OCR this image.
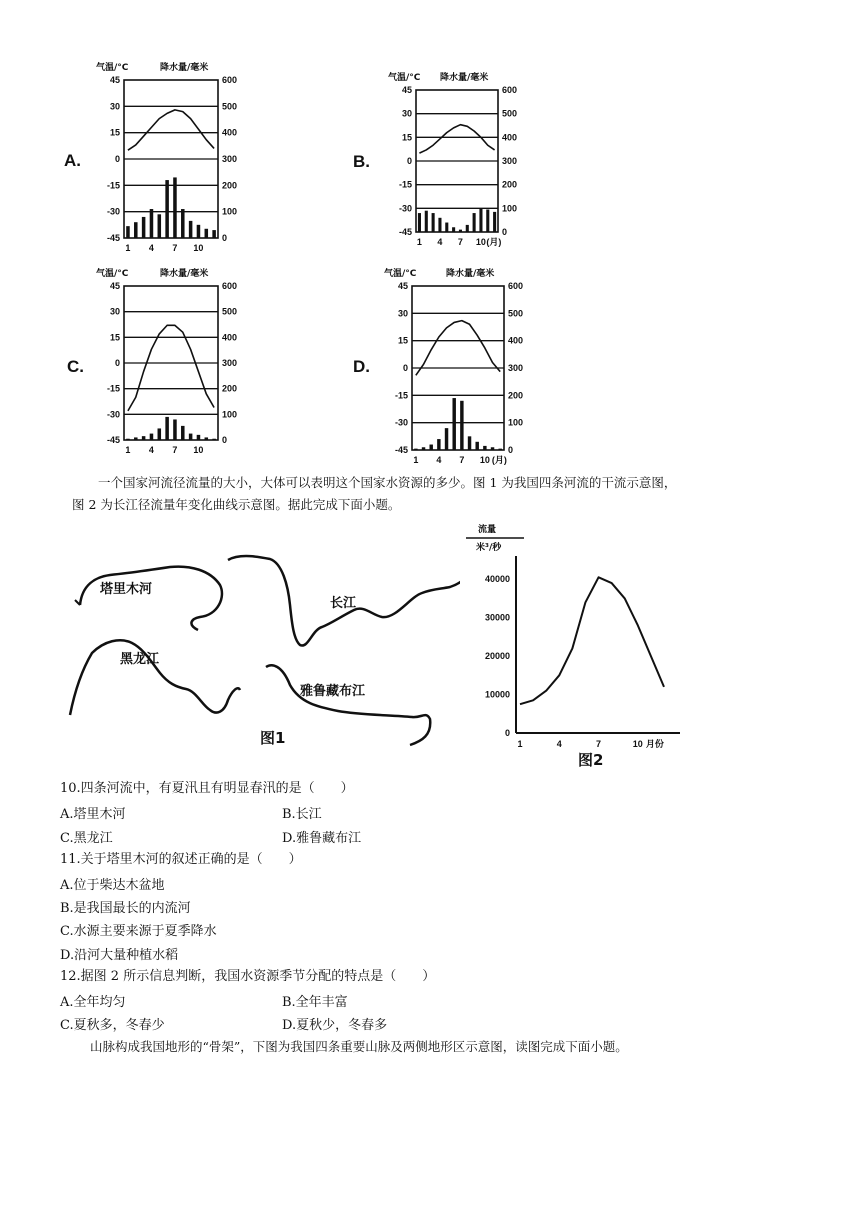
A.	B.
C.	D.
气温/°C	降水量/毫米
45	600
30	500
15	400
0	300
-15	200
-30	100
-45	0
1 4 7 10
气温/°C 降水量/毫米
45	600
30	500
15	400
0	300
-15	200
-30	100
-45	0
1 4 7 10 (月)
气温/°C	降水量/毫米
45	600
30	500
15	400
0	300
-15	200
-30	100
-45	0
1 4 7 10
气温/°C	降水量/毫米
45	600
30	500
15	400
0	300
-15	200
-30	100
-45	0
1 4 7 10 (月)
一个国家河流径流量的大小，大体可以表明这个国家水资源的多少。图 1 为我国四条河流的干流示意图，
图 2 为长江径流量年变化曲线示意图。据此完成下面小题。
塔里木河
长江
黑龙江
雅鲁藏布江
图1
流量
米³/秒
40000
30000
20000
10000
0
1	4	7	10 月份
图2
10.四条河流中，有夏汛且有明显春汛的是（　　）
A.塔里木河	B.长江
C.黑龙江	D.雅鲁藏布江
11.关于塔里木河的叙述正确的是（　　）
A.位于柴达木盆地
B.是我国最长的内流河
C.水源主要来源于夏季降水
D.沿河大量种植水稻
12.据图 2 所示信息判断，我国水资源季节分配的特点是（　　）
A.全年均匀	B.全年丰富
C.夏秋多，冬春少	D.夏秋少，冬春多
山脉构成我国地形的“骨架”，下图为我国四条重要山脉及两侧地形区示意图，读图完成下面小题。
